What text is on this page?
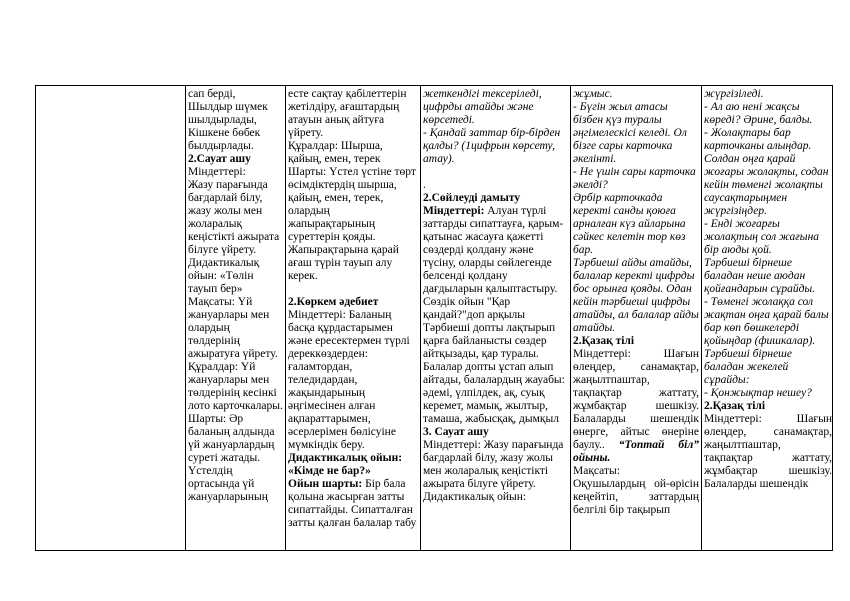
сап берді,

Шылдыр шүмек шылдырлады, Кішкене бөбек былдырлады.

2.Сауат ашу

Міндеттері:

Жазу парағында бағдарлай білу, жазу жолы мен жоларалық кеңістікті ажырата білуге үйрету.

Дидактикалық ойын: «Төлін тауып бер»

Мақсаты: Үй жануарлары мен олардың төлдерінің ажыратуға үйрету.

Құралдар: Үй жануарлары мен төлдерінің кесінкі лото карточкалары.

Шарты: Әр баланың алдында үй жануарлардың суреті жатады.

Үстелдің ортасында үй жануарларының

есте сақтау қабілеттерін жетілдіру, ағаштардың атауын анық айтуға үйрету.

Құралдар: Шырша, қайың, емен, терек

Шарты: Үстел үстіне төрт өсімдіктердің шырша, қайың, емен, терек, олардың жапырақтарының суреттерін қояды. Жапырақтарына қарай ағаш түрін тауып алу керек.

2.Көркем әдебиет

Міндеттері: Баланың басқа құрдастарымен және ересектермен түрлі дереккөздерден: ғаламтордан, теледидардан, жақындарының әңгімесінен алған ақпараттарымен, әсерлерімен бөлісуіне мүмкіндік беру.

Дидактикалық ойын: «Кімде не бар?»

Ойын шарты: Бір бала қолына жасырған затты сипаттайды. Сипатталған затты қалған балалар табу

жеткендігі тексеріледі, цифрды атайды және көрсетеді.

- Қандай заттар бір-бірден қалды? (1цифрын көрсету, атау).

.

2.Сөйлеуді дамыту

Міндеттері: Алуан түрлі заттарды сипаттауға, қарым-қатынас жасауға қажетті сөздерді қолдану және түсіну, оларды сөйлегенде белсенді қолдану дағдыларын қалыптастыру.

Сөздік ойын "Қар қандай?"доп арқылы Тәрбиеші допты лақтырып қарға байланысты сөздер айтқызады, қар туралы. Балалар допты ұстап алып айтады, балалардың жауабы: әдемі, үлпілдек, ақ, суық керемет, мамық, жылтыр, тамаша, жабысқақ, дымқыл

3. Сауат ашу

Міндеттері: Жазу парағында бағдарлай білу, жазу жолы мен жоларалық кеңістікті ажырата білуге үйрету.

Дидактикалық ойын:

жұмыс.

- Бүгін жыл атасы бізбен қүз туралы әңгімелескісі келеді. Ол бізге сары карточка әкелінті.

- Не үшін сары карточка әкелді?

Әрбір карточкада керекті санды қоюға арналған күз айларына сәйкес келетін тор көз бар.

Тәрбиеші айды атайды, балалар керекті цифрды бос орынға қояды. Одан кейін тәрбиеші цифрды атайды, ал балалар айды атайды.

2.Қазақ тілі

Міндеттері: Шағын өлеңдер, санамақтар, жаңылтпаштар, тақпақтар жаттату, жұмбақтар шешкізу. Балаларды шешендік өнерге, айтыс өнеріне баулу.. “Топтай біл” ойыны.

Мақсаты:

Оқушылардың ой-өрісін кеңейтіп, заттардың белгілі бір тақырып

жүргізіледі.

- Ал аю нені жақсы көреді? Әрине, балды.

- Жолақтары бар карточканы алыңдар. Солдан оңға қарай жоғары жолақты, содан кейін төменгі жолақты саусақтарыңмен жүргізіңдер.

- Енді жоғарғы жолақтың сол жағына бір аюды қой.

Тәрбиеші бірнеше баладан неше аюдан қойғандарын сұрайды.

- Төменгі жолаққа сол жақтан оңға қарай балы бар көп бөшкелерді қойыңдар (фишкалар).

Тәрбиеші бірнеше баладан жекелей сұрайды:

- Қонжықтар нешеу?

2.Қазақ тілі

Міндеттері: Шағын өлеңдер, санамақтар, жаңылтпаштар, тақпақтар жаттату, жұмбақтар шешкізу. Балаларды шешендік
